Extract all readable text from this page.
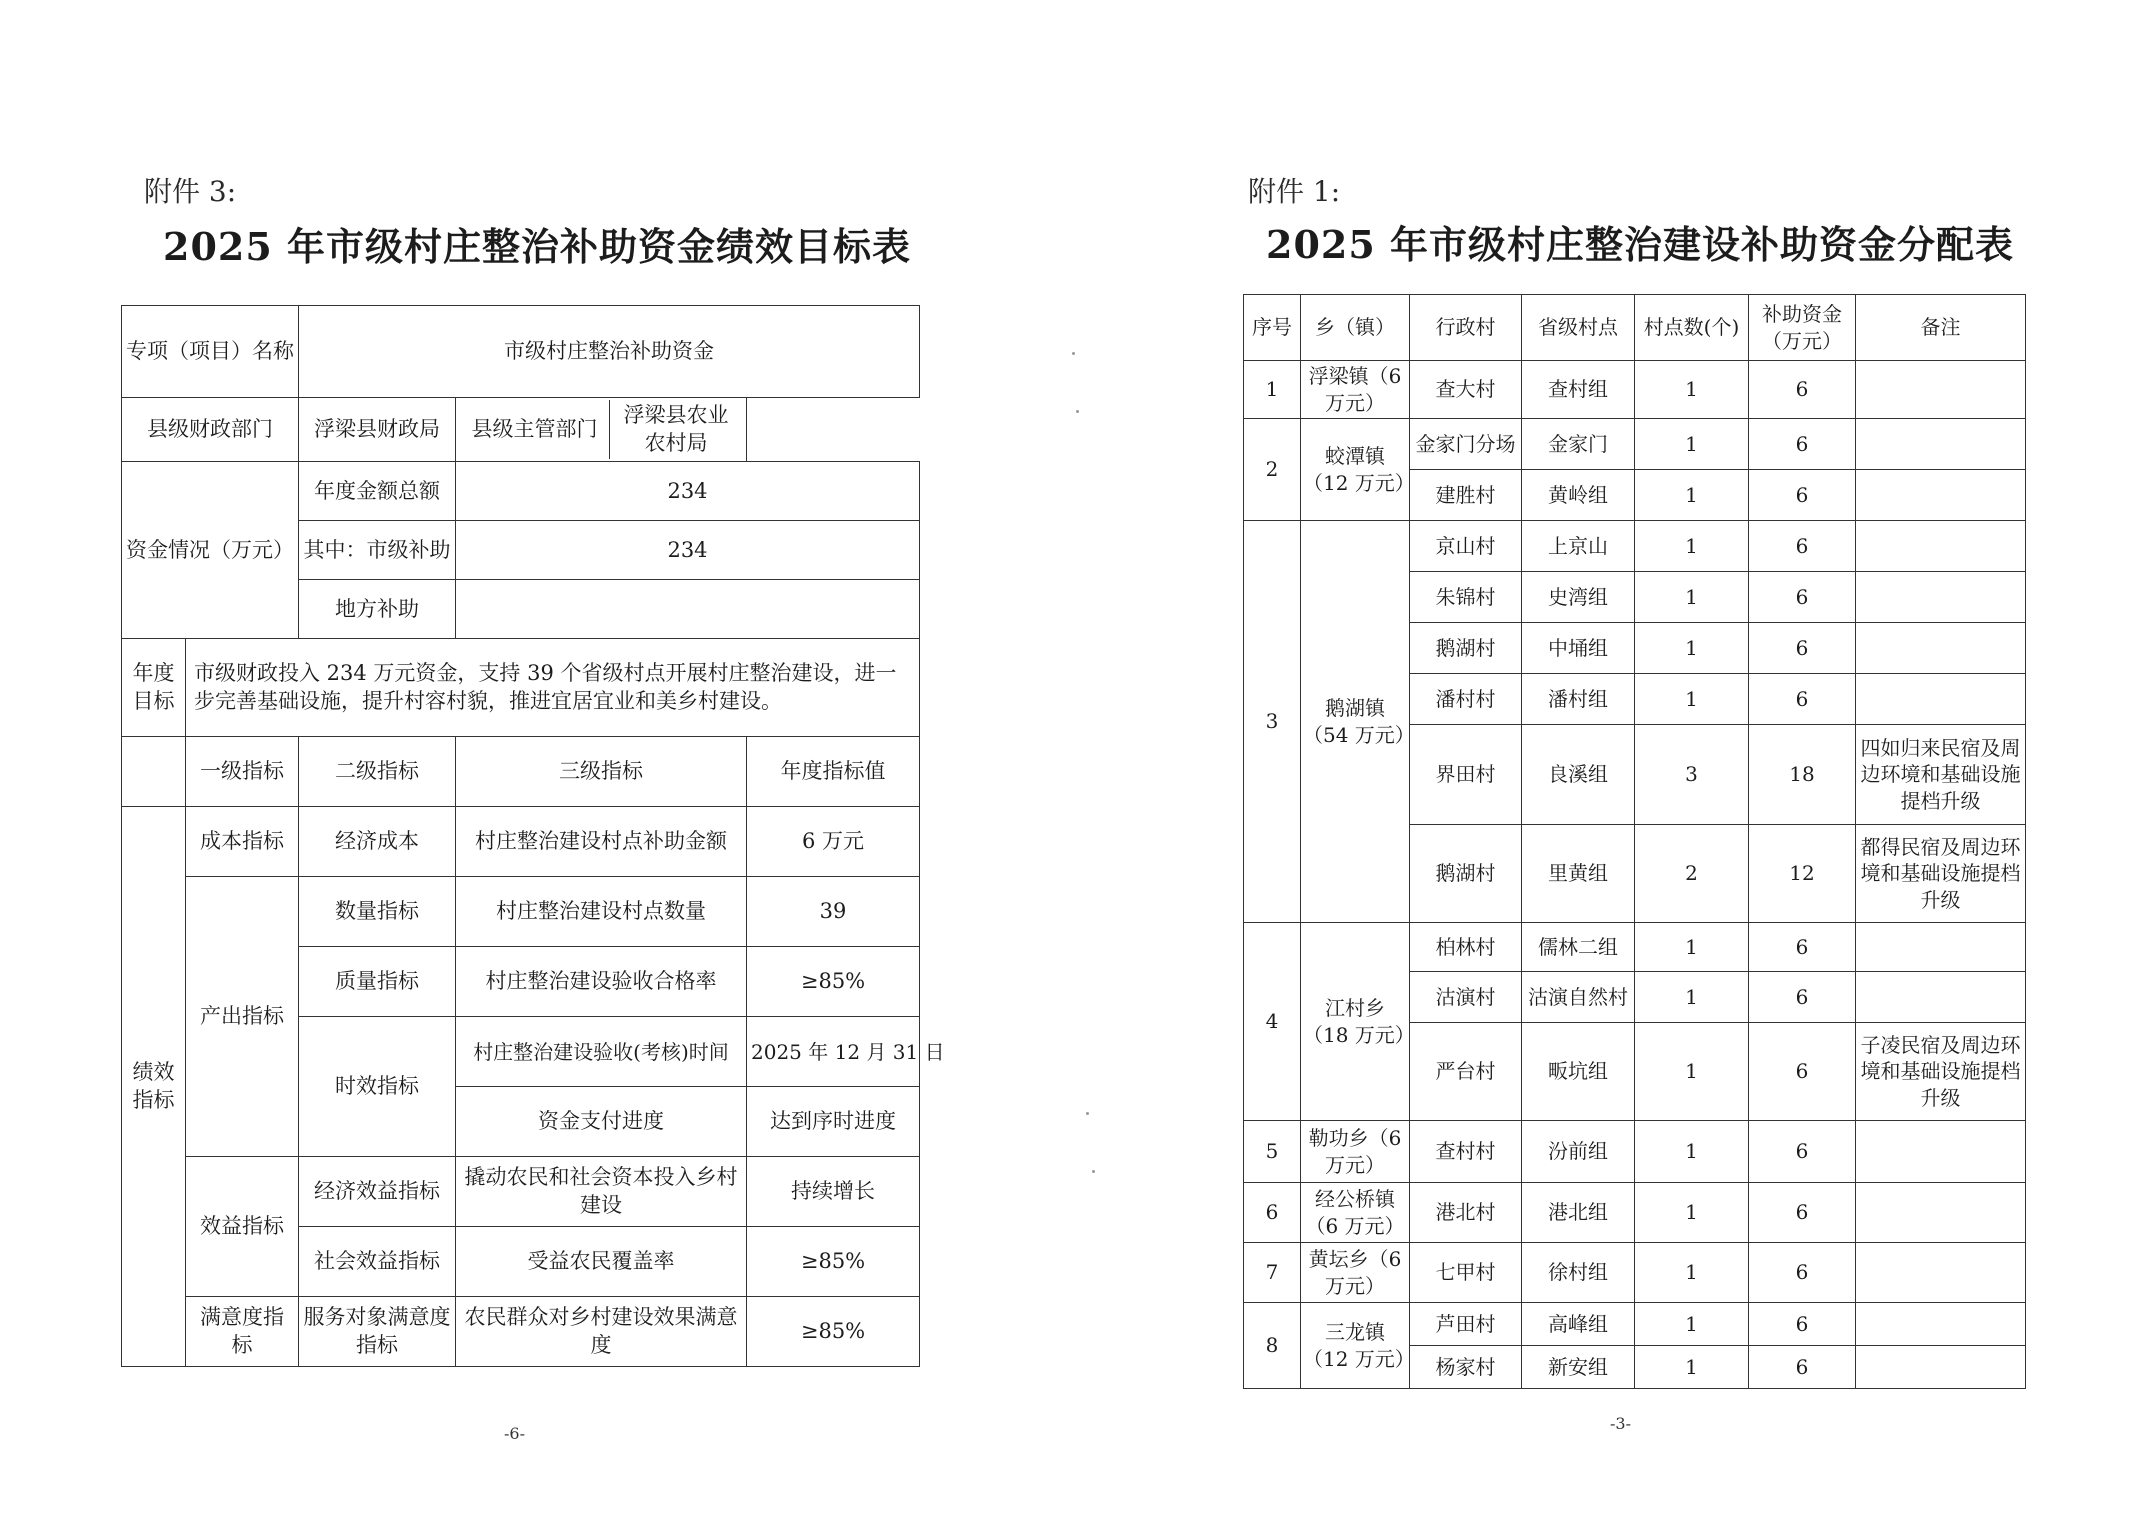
附件 3:
2025 年市级村庄整治补助资金绩效目标表
专项（项目）名称	市级村庄整治补助资金
县级财政部门	浮梁县财政局	县级主管部门	浮梁县农业农村局

资金情况（万元）	年度金额总额	234
其中：市级补助	234
地方补助	
年度目标	市级财政投入 234 万元资金，支持 39 个省级村点开展村庄整治建设，进一步完善基础设施，提升村容村貌，推进宜居宜业和美乡村建设。
	一级指标	二级指标	三级指标	年度指标值
绩效指标	成本指标	经济成本	村庄整治建设村点补助金额	6 万元
产出指标	数量指标	村庄整治建设村点数量	39
质量指标	村庄整治建设验收合格率	≥85%
时效指标	村庄整治建设验收(考核)时间	2025 年 12 月 31 日
资金支付进度	达到序时进度
效益指标	经济效益指标	撬动农民和社会资本投入乡村建设	持续增长
社会效益指标	受益农民覆盖率	≥85%
满意度指标	服务对象满意度指标	农民群众对乡村建设效果满意度	≥85%
-6-
附件 1:
2025 年市级村庄整治建设补助资金分配表
序号	乡（镇）	行政村	省级村点	村点数(个)	补助资金（万元）	备注
1	浮梁镇（6 万元）	查大村	查村组	1	6	
2	蛟潭镇（12 万元）	金家门分场	金家门	1	6	
		建胜村	黄岭组	1	6	
3	鹅湖镇（54 万元）	京山村	上京山	1	6	
		朱锦村	史湾组	1	6	
		鹅湖村	中埇组	1	6	
		潘村村	潘村组	1	6	
		界田村	良溪组	3	18	四如归来民宿及周边环境和基础设施提档升级
		鹅湖村	里黄组	2	12	都得民宿及周边环境和基础设施提档升级
4	江村乡（18 万元）	柏林村	儒林二组	1	6	
		沽演村	沽演自然村	1	6	
		严台村	畈坑组	1	6	子凌民宿及周边环境和基础设施提档升级
5	勒功乡（6 万元）	查村村	汾前组	1	6	
6	经公桥镇（6 万元）	港北村	港北组	1	6	
7	黄坛乡（6 万元）	七甲村	徐村组	1	6	
8	三龙镇（12 万元）	芦田村	高峰组	1	6	
		杨家村	新安组	1	6	
-3-
